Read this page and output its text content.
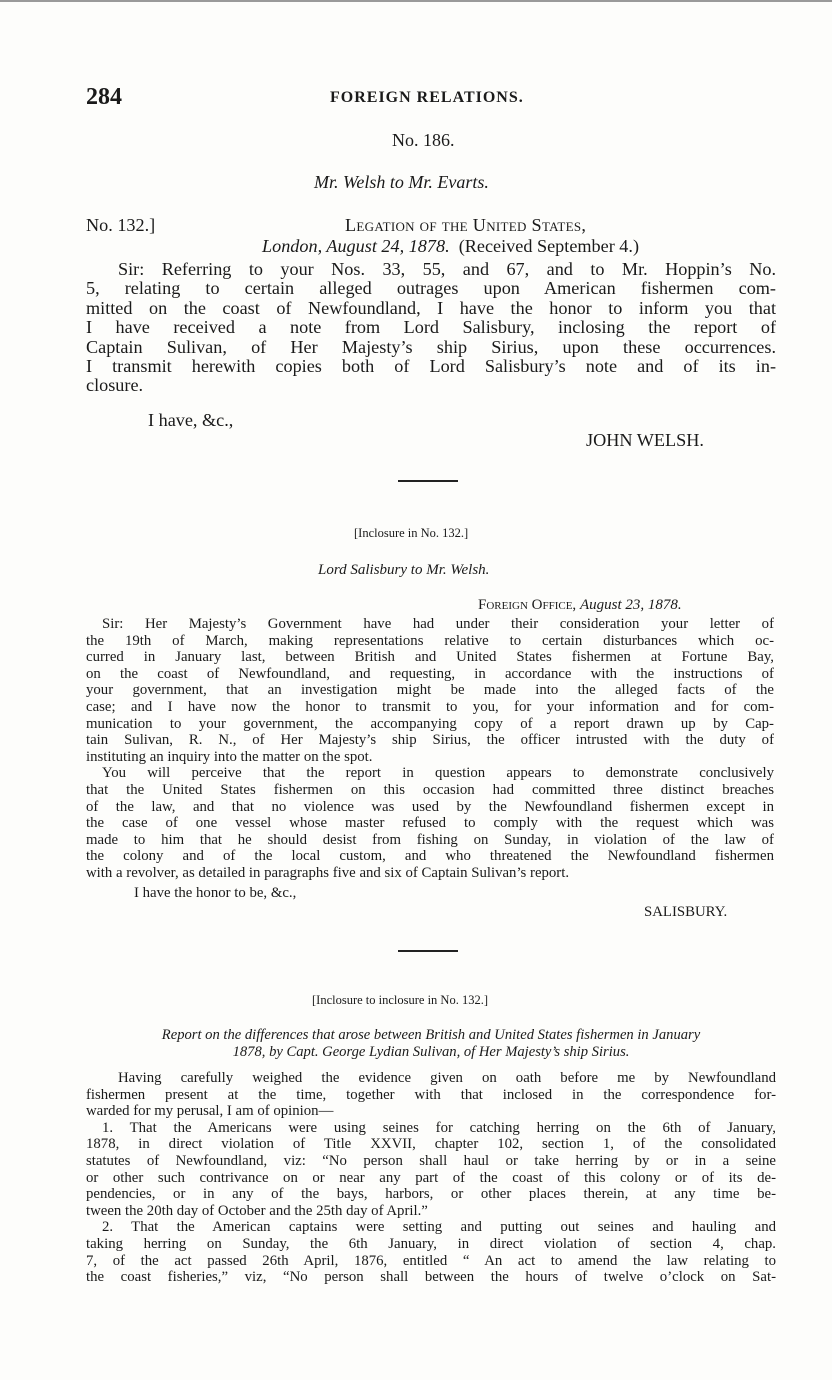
284	FOREIGN RELATIONS.
No. 186.
Mr. Welsh to Mr. Evarts.
No. 132.]	Legation of the United States,
London, August 24, 1878. (Received September 4.)
Sir: Referring to your Nos. 33, 55, and 67, and to Mr. Hoppin’s No.
5, relating to certain alleged outrages upon American fishermen com-
mitted on the coast of Newfoundland, I have the honor to inform you that
I have received a note from Lord Salisbury, inclosing the report of
Captain Sulivan, of Her Majesty’s ship Sirius, upon these occurrences.
I transmit herewith copies both of Lord Salisbury’s note and of its in-
closure.
I have, &c.,
JOHN WELSH.
[Inclosure in No. 132.]
Lord Salisbury to Mr. Welsh.
Foreign Office, August 23, 1878.
Sir: Her Majesty’s Government have had under their consideration your letter of
the 19th of March, making representations relative to certain disturbances which oc-
curred in January last, between British and United States fishermen at Fortune Bay,
on the coast of Newfoundland, and requesting, in accordance with the instructions of
your government, that an investigation might be made into the alleged facts of the
case; and I have now the honor to transmit to you, for your information and for com-
munication to your government, the accompanying copy of a report drawn up by Cap-
tain Sulivan, R. N., of Her Majesty’s ship Sirius, the officer intrusted with the duty of
instituting an inquiry into the matter on the spot.
You will perceive that the report in question appears to demonstrate conclusively
that the United States fishermen on this occasion had committed three distinct breaches
of the law, and that no violence was used by the Newfoundland fishermen except in
the case of one vessel whose master refused to comply with the request which was
made to him that he should desist from fishing on Sunday, in violation of the law of
the colony and of the local custom, and who threatened the Newfoundland fishermen
with a revolver, as detailed in paragraphs five and six of Captain Sulivan’s report.
I have the honor to be, &c.,
SALISBURY.
[Inclosure to inclosure in No. 132.]
Report on the differences that arose between British and United States fishermen in January
1878, by Capt. George Lydian Sulivan, of Her Majesty’s ship Sirius.
Having carefully weighed the evidence given on oath before me by Newfoundland
fishermen present at the time, together with that inclosed in the correspondence for-
warded for my perusal, I am of opinion—
1. That the Americans were using seines for catching herring on the 6th of January,
1878, in direct violation of Title XXVII, chapter 102, section 1, of the consolidated
statutes of Newfoundland, viz: “No person shall haul or take herring by or in a seine
or other such contrivance on or near any part of the coast of this colony or of its de-
pendencies, or in any of the bays, harbors, or other places therein, at any time be-
tween the 20th day of October and the 25th day of April.”
2. That the American captains were setting and putting out seines and hauling and
taking herring on Sunday, the 6th January, in direct violation of section 4, chap.
7, of the act passed 26th April, 1876, entitled “ An act to amend the law relating to
the coast fisheries,” viz, “No person shall between the hours of twelve o’clock on Sat-
